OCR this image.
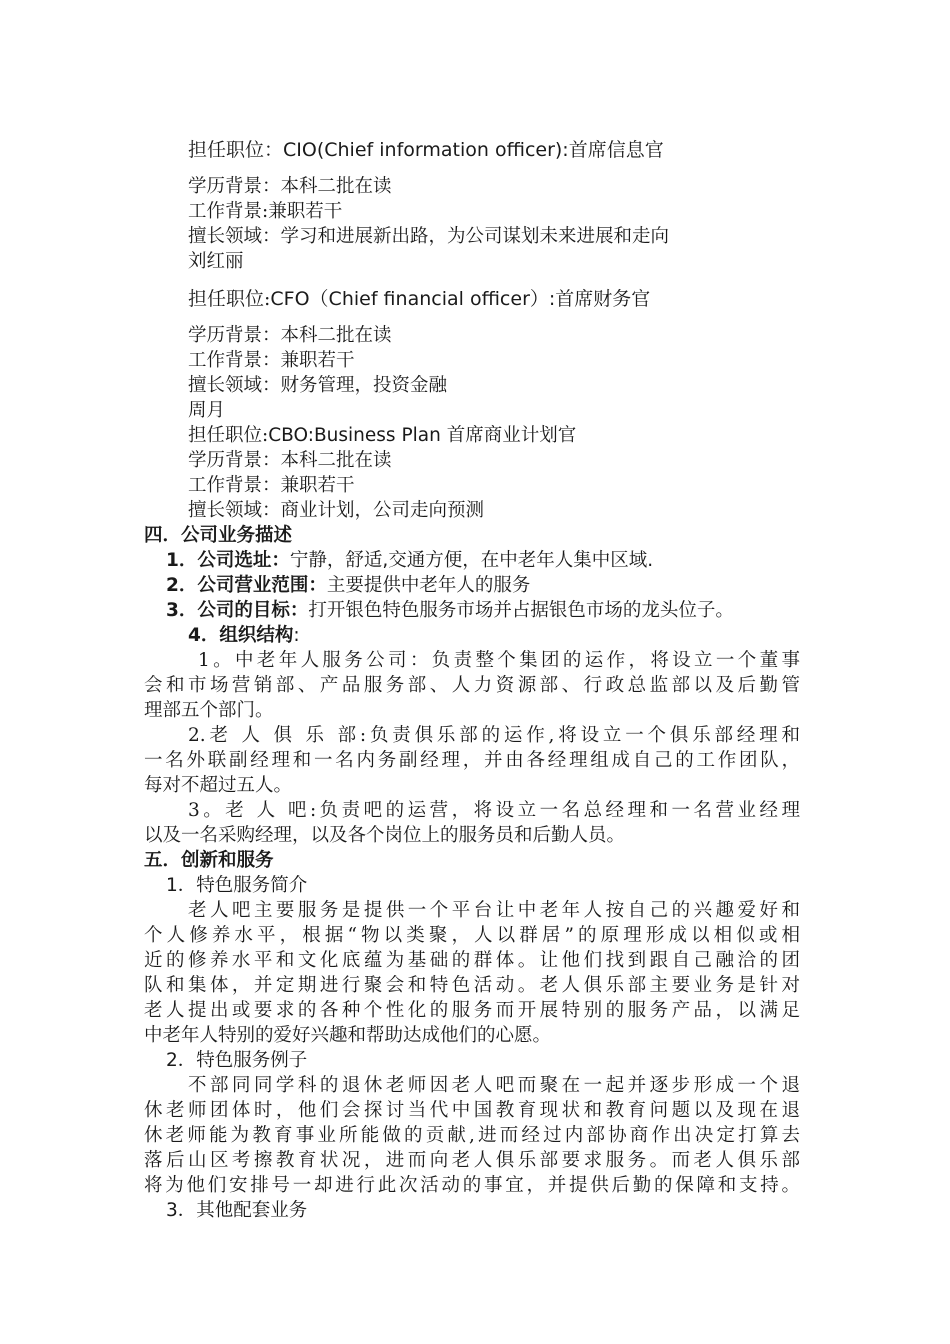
担任职位：CIO(Chief information officer):首席信息官
学历背景：本科二批在读
工作背景:兼职若干
擅长领域：学习和进展新出路，为公司谋划未来进展和走向
刘红丽
担任职位:CFO（Chief financial officer）:首席财务官
学历背景：本科二批在读
工作背景：兼职若干
擅长领域：财务管理，投资金融
周月
担任职位:CBO:Business Plan 首席商业计划官
学历背景：本科二批在读
工作背景：兼职若干
擅长领域：商业计划，公司走向预测
四．公司业务描述
1．公司选址：宁静，舒适,交通方便，在中老年人集中区域.
2．公司营业范围：主要提供中老年人的服务
3．公司的目标：打开银色特色服务市场并占据银色市场的龙头位子。
4．组织结构:
1。中老年人服务公司：负责整个集团的运作，将设立一个董事
会和市场营销部、产品服务部、人力资源部、行政总监部以及后勤管
理部五个部门。
2.老 人 俱 乐 部:负责俱乐部的运作,将设立一个俱乐部经理和
一名外联副经理和一名内务副经理，并由各经理组成自己的工作团队，
每对不超过五人。
3。老 人 吧:负责吧的运营，将设立一名总经理和一名营业经理
以及一名采购经理，以及各个岗位上的服务员和后勤人员。
五．创新和服务
1．特色服务简介
老人吧主要服务是提供一个平台让中老年人按自己的兴趣爱好和
个人修养水平，根据“物以类聚，人以群居”的原理形成以相似或相
近的修养水平和文化底蕴为基础的群体。让他们找到跟自己融洽的团
队和集体，并定期进行聚会和特色活动。老人俱乐部主要业务是针对
老人提出或要求的各种个性化的服务而开展特别的服务产品，以满足
中老年人特别的爱好兴趣和帮助达成他们的心愿。
2．特色服务例子
不部同同学科的退休老师因老人吧而聚在一起并逐步形成一个退
休老师团体时，他们会探讨当代中国教育现状和教育问题以及现在退
休老师能为教育事业所能做的贡献,进而经过内部协商作出决定打算去
落后山区考擦教育状况，进而向老人俱乐部要求服务。而老人俱乐部
将为他们安排号一却进行此次活动的事宜，并提供后勤的保障和支持。
3．其他配套业务
